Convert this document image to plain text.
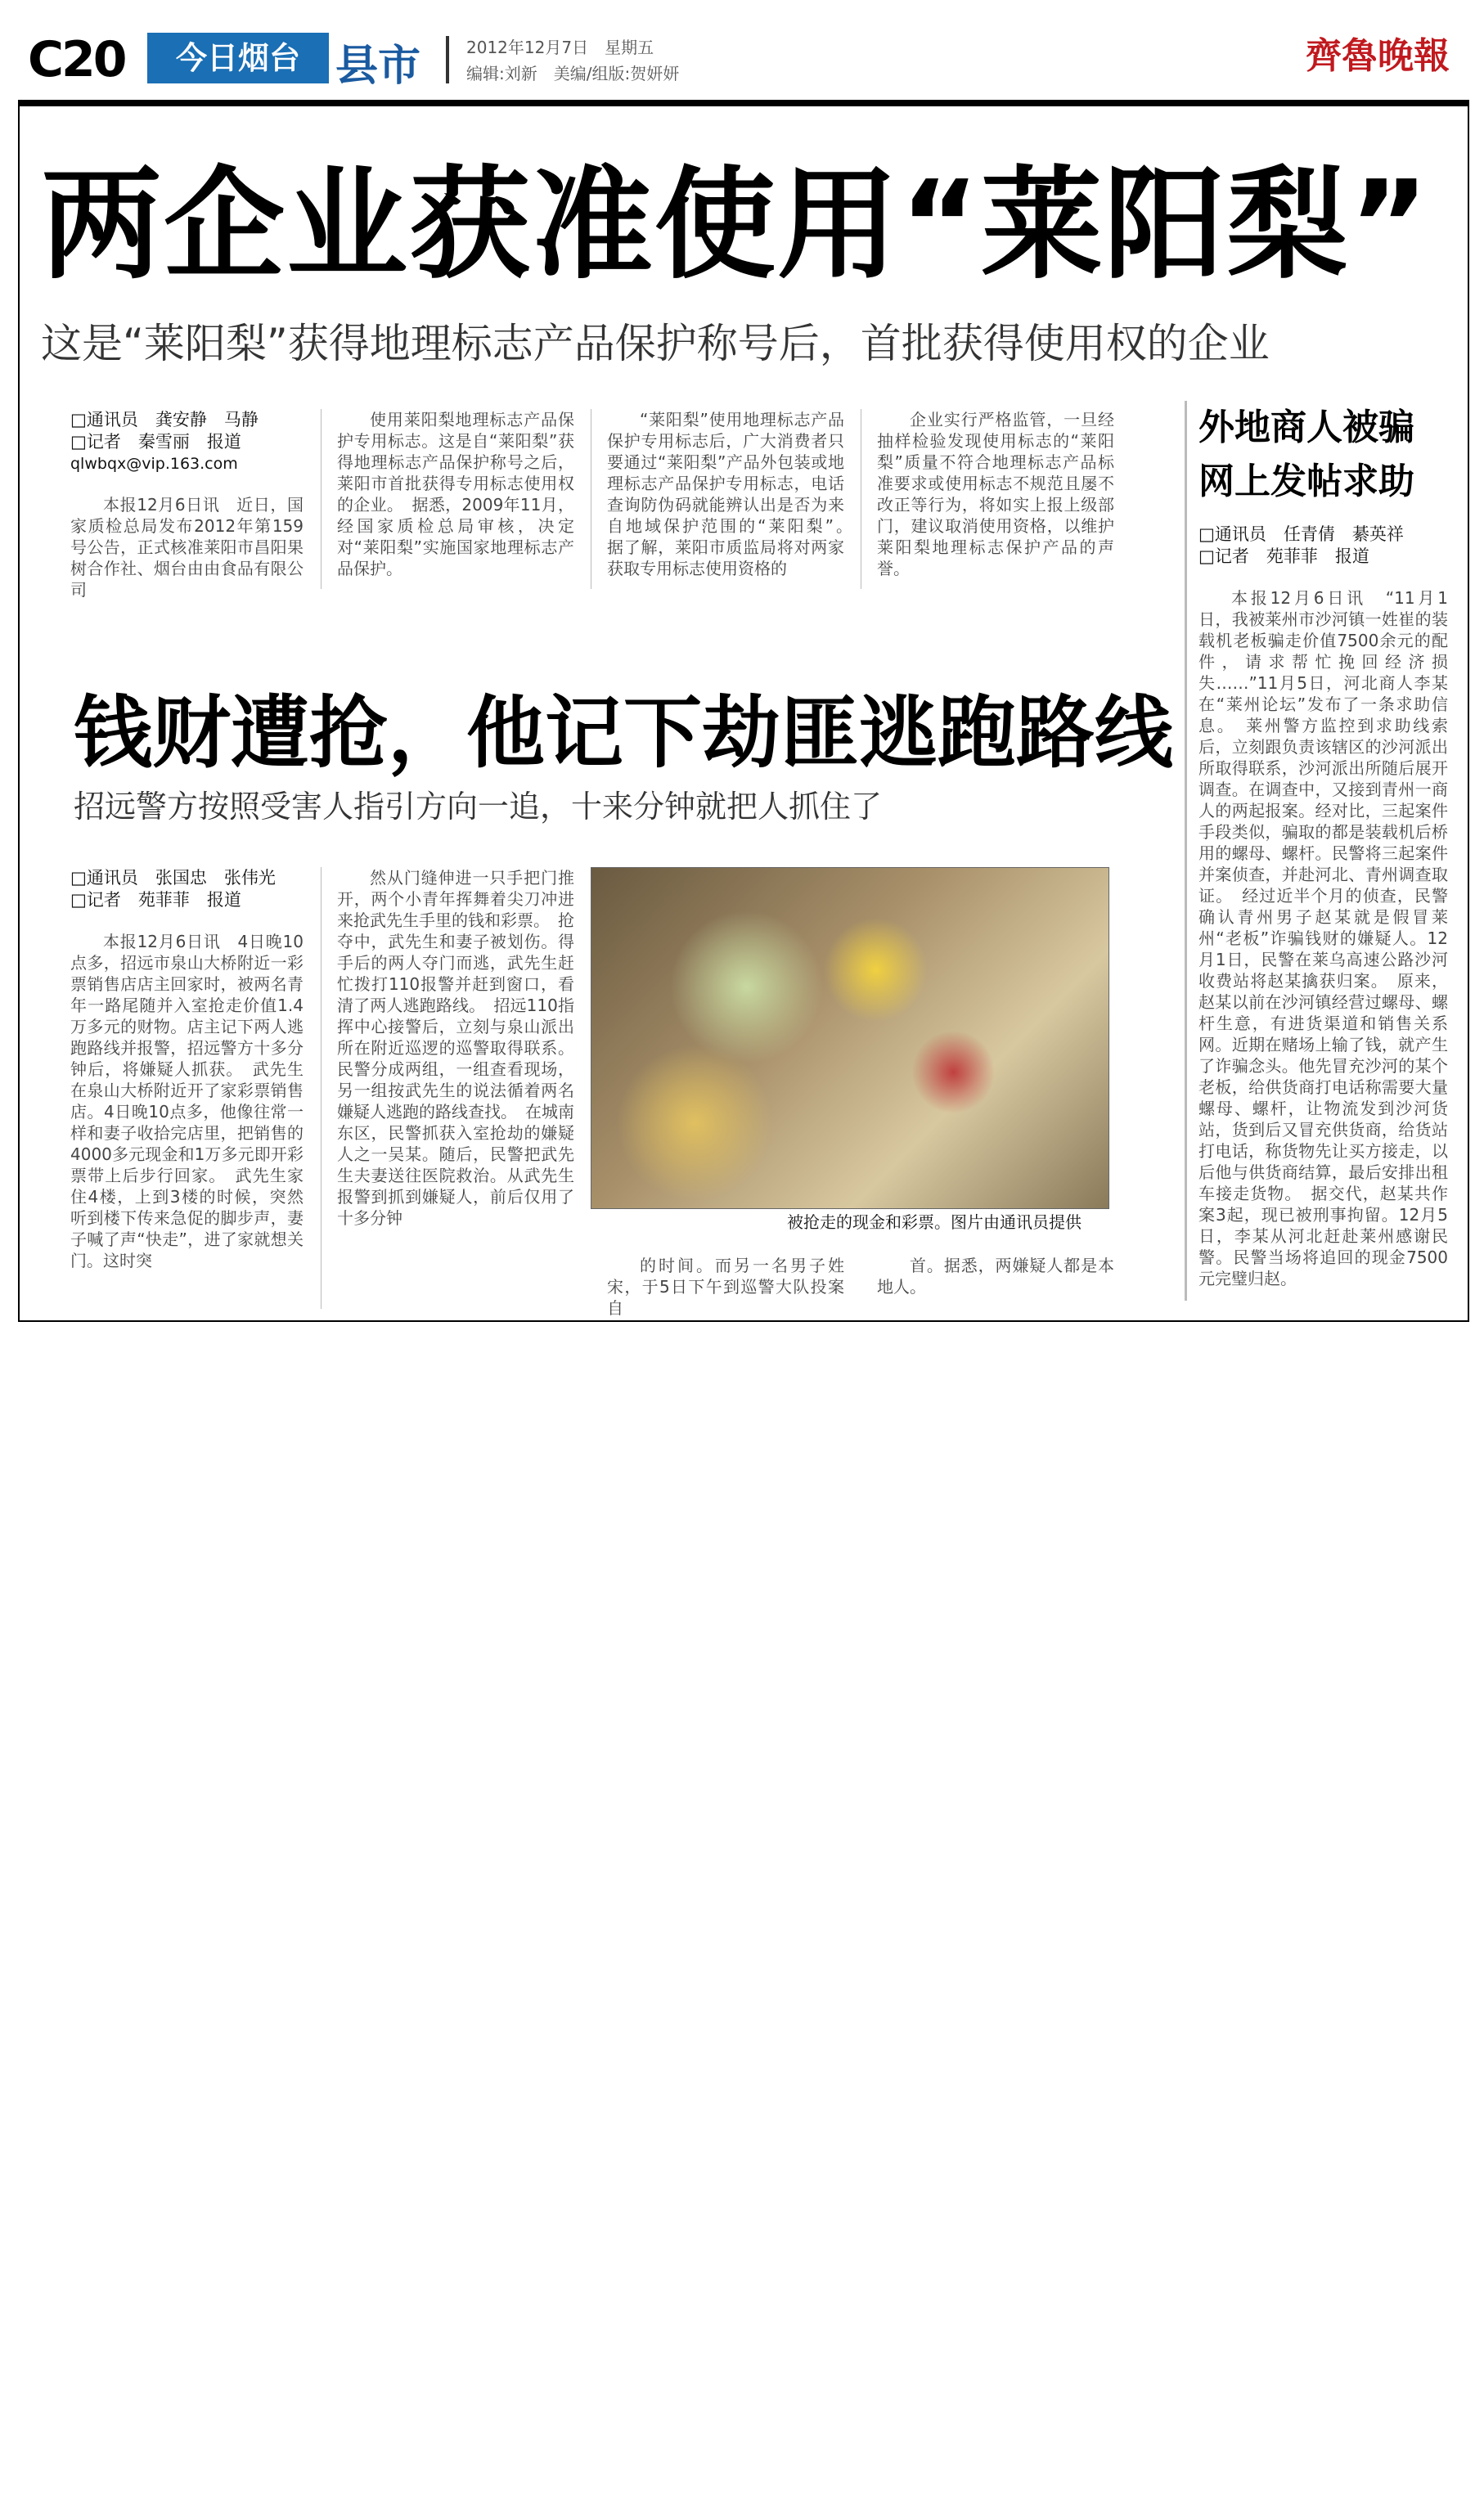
C20	今日烟台 县市	2012年12月7日　星期五
编辑:刘新　美编/组版:贺妍妍	齊魯晚報
两企业获准使用“莱阳梨”
这是“莱阳梨”获得地理标志产品保护称号后，首批获得使用权的企业
□通讯员　龚安静　马静
□记者　秦雪丽　报道
qlwbqx@vip.163.com

本报12月6日讯　近日，国家质检总局发布2012年第159号公告，正式核准莱阳市昌阳果树合作社、烟台由由食品有限公司

使用莱阳梨地理标志产品保护专用标志。这是自“莱阳梨”获得地理标志产品保护称号之后，莱阳市首批获得专用标志使用权的企业。　据悉，2009年11月，经国家质检总局审核，决定对“莱阳梨”实施国家地理标志产品保护。

“莱阳梨”使用地理标志产品保护专用标志后，广大消费者只要通过“莱阳梨”产品外包装或地理标志产品保护专用标志，电话查询防伪码就能辨认出是否为来自地域保护范围的“莱阳梨”。　据了解，莱阳市质监局将对两家获取专用标志使用资格的

企业实行严格监管，一旦经抽样检验发现使用标志的“莱阳梨”质量不符合地理标志产品标准要求或使用标志不规范且屡不改正等行为，将如实上报上级部门，建议取消使用资格，以维护莱阳梨地理标志保护产品的声誉。

钱财遭抢，他记下劫匪逃跑路线
招远警方按照受害人指引方向一追，十来分钟就把人抓住了
□通讯员　张国忠　张伟光
□记者　苑菲菲　报道

本报12月6日讯　4日晚10点多，招远市泉山大桥附近一彩票销售店店主回家时，被两名青年一路尾随并入室抢走价值1.4万多元的财物。店主记下两人逃跑路线并报警，招远警方十多分钟后，将嫌疑人抓获。　武先生在泉山大桥附近开了家彩票销售店。4日晚10点多，他像往常一样和妻子收拾完店里，把销售的4000多元现金和1万多元即开彩票带上后步行回家。　武先生家住4楼，上到3楼的时候，突然听到楼下传来急促的脚步声，妻子喊了声“快走”，进了家就想关门。这时突

然从门缝伸进一只手把门推开，两个小青年挥舞着尖刀冲进来抢武先生手里的钱和彩票。　抢夺中，武先生和妻子被划伤。得手后的两人夺门而逃，武先生赶忙拨打110报警并赶到窗口，看清了两人逃跑路线。　招远110指挥中心接警后，立刻与泉山派出所在附近巡逻的巡警取得联系。民警分成两组，一组查看现场，另一组按武先生的说法循着两名嫌疑人逃跑的路线查找。　在城南东区，民警抓获入室抢劫的嫌疑人之一吴某。随后，民警把武先生夫妻送往医院救治。从武先生报警到抓到嫌疑人，前后仅用了十多分钟	被抢走的现金和彩票。图片由通讯员提供

的时间。而另一名男子姓宋，于5日下午到巡警大队投案自

首。据悉，两嫌疑人都是本地人。

外地商人被骗
网上发帖求助
□通讯员　任青倩　綦英祥
□记者　苑菲菲　报道

本报12月6日讯　“11月1日，我被莱州市沙河镇一姓崔的装载机老板骗走价值7500余元的配件，请求帮忙挽回经济损失……”11月5日，河北商人李某在“莱州论坛”发布了一条求助信息。　莱州警方监控到求助线索后，立刻跟负责该辖区的沙河派出所取得联系，沙河派出所随后展开调查。在调查中，又接到青州一商人的两起报案。经对比，三起案件手段类似，骗取的都是装载机后桥用的螺母、螺杆。民警将三起案件并案侦查，并赴河北、青州调查取证。　经过近半个月的侦查，民警确认青州男子赵某就是假冒莱州“老板”诈骗钱财的嫌疑人。12月1日，民警在莱乌高速公路沙河收费站将赵某擒获归案。　原来，赵某以前在沙河镇经营过螺母、螺杆生意，有进货渠道和销售关系网。近期在赌场上输了钱，就产生了诈骗念头。他先冒充沙河的某个老板，给供货商打电话称需要大量螺母、螺杆，让物流发到沙河货站，货到后又冒充供货商，给货站打电话，称货物先让买方接走，以后他与供货商结算，最后安排出租车接走货物。　据交代，赵某共作案3起，现已被刑事拘留。12月5日，李某从河北赶赴莱州感谢民警。民警当场将追回的现金7500元完璧归赵。
